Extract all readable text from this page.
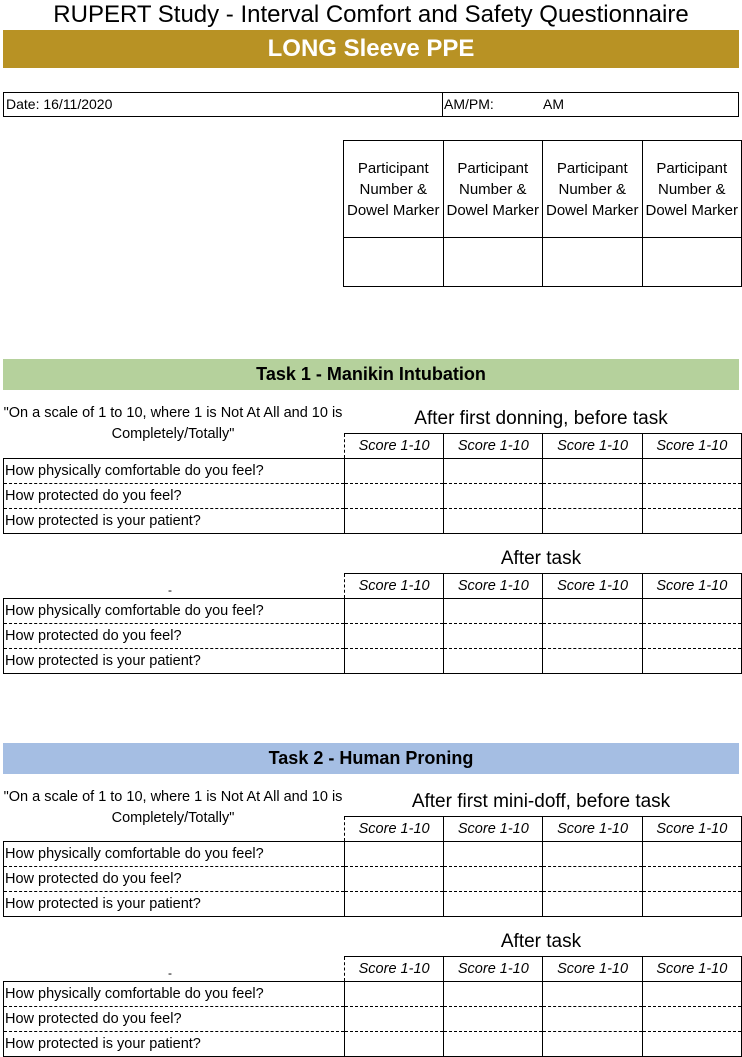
RUPERT Study - Interval Comfort and Safety Questionnaire
LONG Sleeve PPE
Date: 16/11/2020	AM/PM:	AM
Participant Number & Dowel Marker	Participant Number & Dowel Marker	Participant Number & Dowel Marker	Participant Number & Dowel Marker

Task 1 - Manikin Intubation
"On a scale of 1 to 10, where 1 is Not At All and 10 is Completely/Totally"
After first donning, before task
	Score 1-10	Score 1-10	Score 1-10	Score 1-10
How physically comfortable do you feel?				
How protected do you feel?				
How protected is your patient?				
After task
-
		Score 1-10	Score 1-10	Score 1-10	Score 1-10
How physically comfortable do you feel?				
How protected do you feel?				
How protected is your patient?				
Task 2 - Human Proning
"On a scale of 1 to 10, where 1 is Not At All and 10 is Completely/Totally"
After first mini-doff, before task
	Score 1-10	Score 1-10	Score 1-10	Score 1-10
How physically comfortable do you feel?				
How protected do you feel?				
How protected is your patient?				
After task
-
		Score 1-10	Score 1-10	Score 1-10	Score 1-10
How physically comfortable do you feel?				
How protected do you feel?				
How protected is your patient?				
